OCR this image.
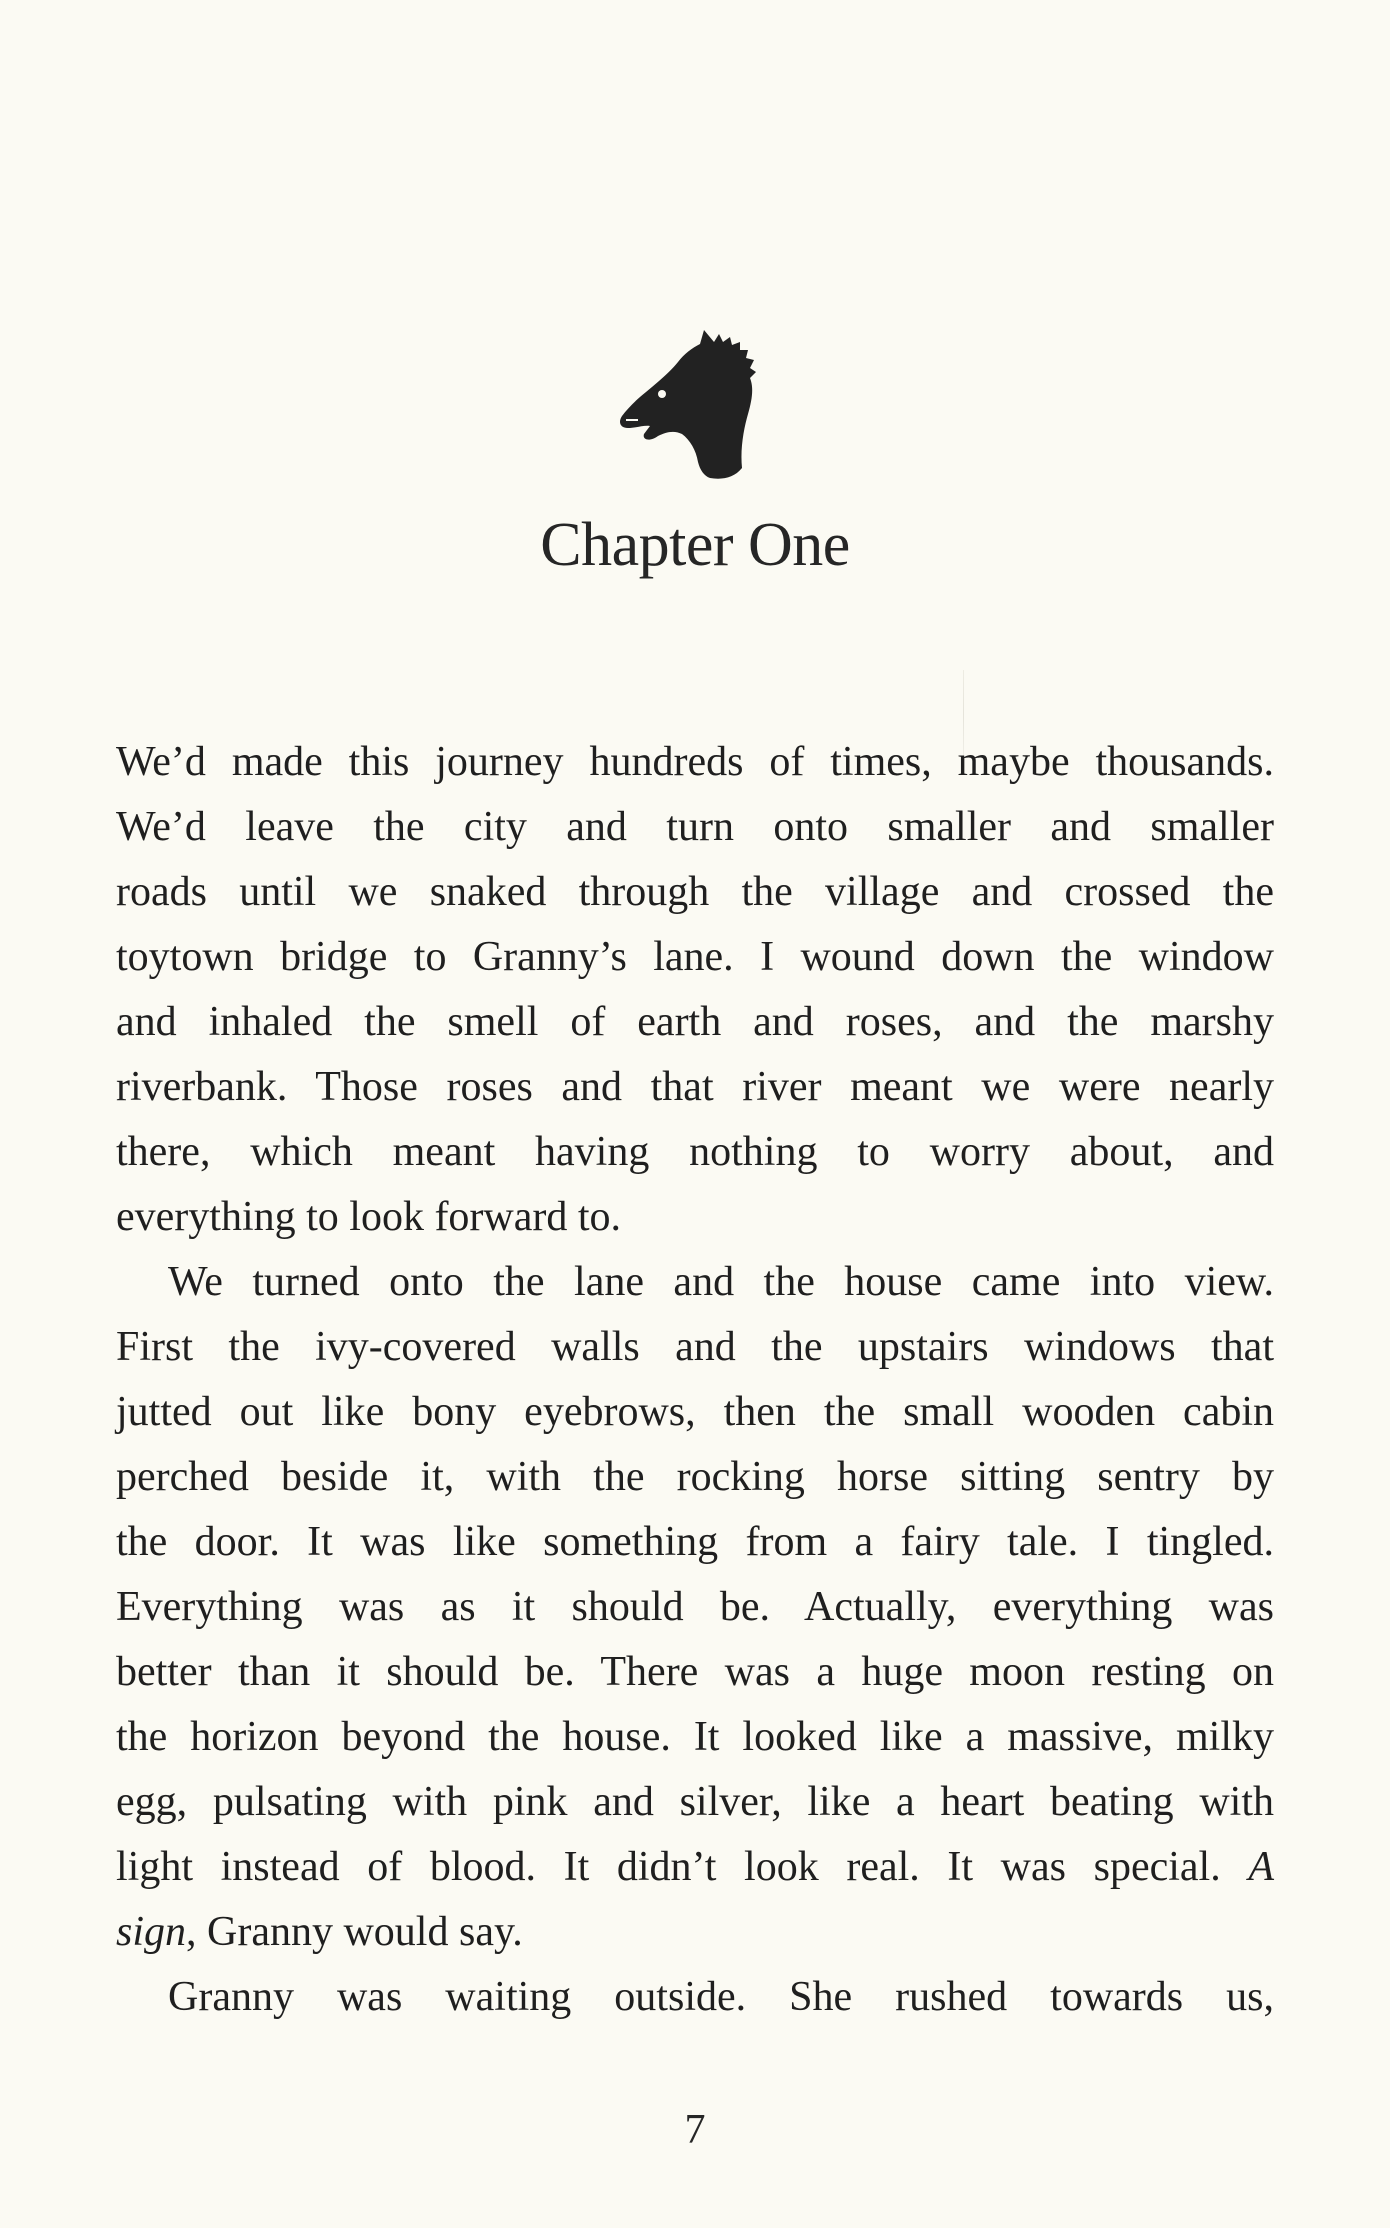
Chapter One
We’d made this journey hundreds of times, maybe thousands.
We’d leave the city and turn onto smaller and smaller
roads until we snaked through the village and crossed the
toytown bridge to Granny’s lane. I wound down the window
and inhaled the smell of earth and roses, and the marshy
riverbank. Those roses and that river meant we were nearly
there, which meant having nothing to worry about, and
everything to look forward to.
We turned onto the lane and the house came into view.
First the ivy-covered walls and the upstairs windows that
jutted out like bony eyebrows, then the small wooden cabin
perched beside it, with the rocking horse sitting sentry by
the door. It was like something from a fairy tale. I tingled.
Everything was as it should be. Actually, everything was
better than it should be. There was a huge moon resting on
the horizon beyond the house. It looked like a massive, milky
egg, pulsating with pink and silver, like a heart beating with
light instead of blood. It didn’t look real. It was special. A
sign, Granny would say.
Granny was waiting outside. She rushed towards us,
7
